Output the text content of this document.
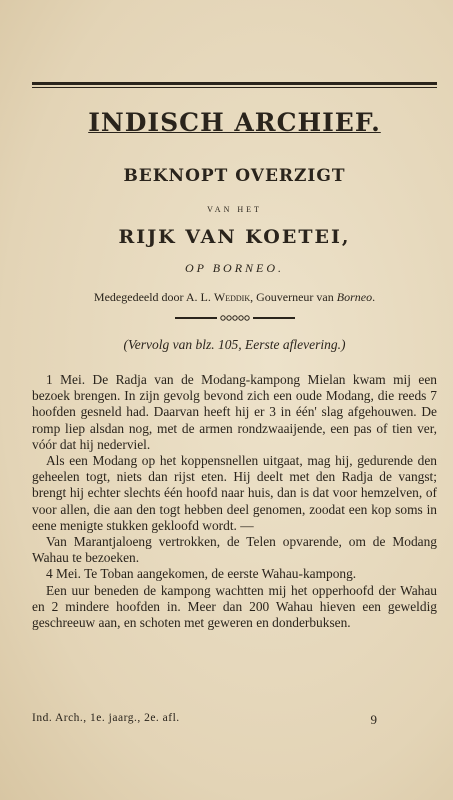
INDISCH ARCHIEF.
BEKNOPT OVERZIGT
VAN HET
RIJK VAN KOETEI,
OP BORNEO.
Medegedeeld door A. L. Weddik, Gouverneur van Borneo.
(Vervolg van blz. 105, Eerste aflevering.)

1 Mei. De Radja van de Modang-kampong Mielan kwam mij een bezoek brengen. In zijn gevolg bevond zich een oude Modang, die reeds 7 hoofden gesneld had. Daarvan heeft hij er 3 in één' slag afgehouwen. De romp liep alsdan nog, met de armen rondzwaaijende, een pas of tien ver, vóór dat hij nederviel.

Als een Modang op het koppensnellen uitgaat, mag hij, gedurende den geheelen togt, niets dan rijst eten. Hij deelt met den Radja de vangst; brengt hij echter slechts één hoofd naar huis, dan is dat voor hemzelven, of voor allen, die aan den togt hebben deel genomen, zoodat een kop soms in eene menigte stukken gekloofd wordt. —

Van Marantjaloeng vertrokken, de Telen opvarende, om de Modang Wahau te bezoeken.

4 Mei. Te Toban aangekomen, de eerste Wahau-kampong.

Een uur beneden de kampong wachtten mij het opperhoofd der Wahau en 2 mindere hoofden in. Meer dan 200 Wahau hieven een geweldig geschreeuw aan, en schoten met geweren en donderbuksen.

Ind. Arch., 1e. jaarg., 2e. afl.	9
